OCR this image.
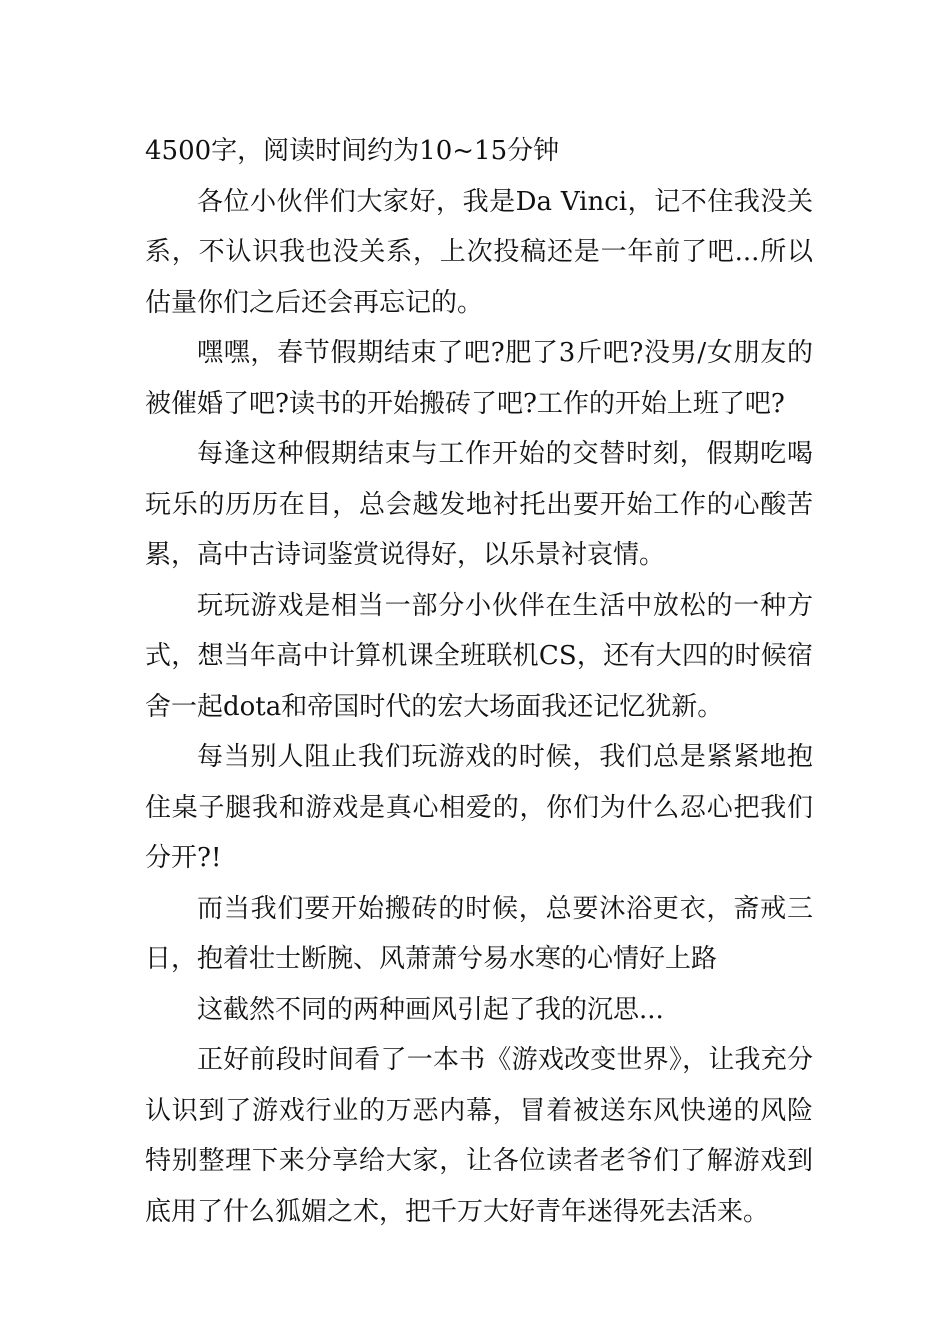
4500字，阅读时间约为10~15分钟

各位小伙伴们大家好，我是Da Vinci，记不住我没关系，不认识我也没关系，上次投稿还是一年前了吧...所以估量你们之后还会再忘记的。

嘿嘿，春节假期结束了吧?肥了3斤吧?没男/女朋友的被催婚了吧?读书的开始搬砖了吧?工作的开始上班了吧?

每逢这种假期结束与工作开始的交替时刻，假期吃喝玩乐的历历在目，总会越发地衬托出要开始工作的心酸苦累，高中古诗词鉴赏说得好，以乐景衬哀情。

玩玩游戏是相当一部分小伙伴在生活中放松的一种方式，想当年高中计算机课全班联机CS，还有大四的时候宿舍一起dota和帝国时代的宏大场面我还记忆犹新。

每当别人阻止我们玩游戏的时候，我们总是紧紧地抱住桌子腿我和游戏是真心相爱的，你们为什么忍心把我们分开?!

而当我们要开始搬砖的时候，总要沐浴更衣，斋戒三日，抱着壮士断腕、风萧萧兮易水寒的心情好上路

这截然不同的两种画风引起了我的沉思...

正好前段时间看了一本书《游戏改变世界》，让我充分认识到了游戏行业的万恶内幕，冒着被送东风快递的风险特别整理下来分享给大家，让各位读者老爷们了解游戏到底用了什么狐媚之术，把千万大好青年迷得死去活来。
